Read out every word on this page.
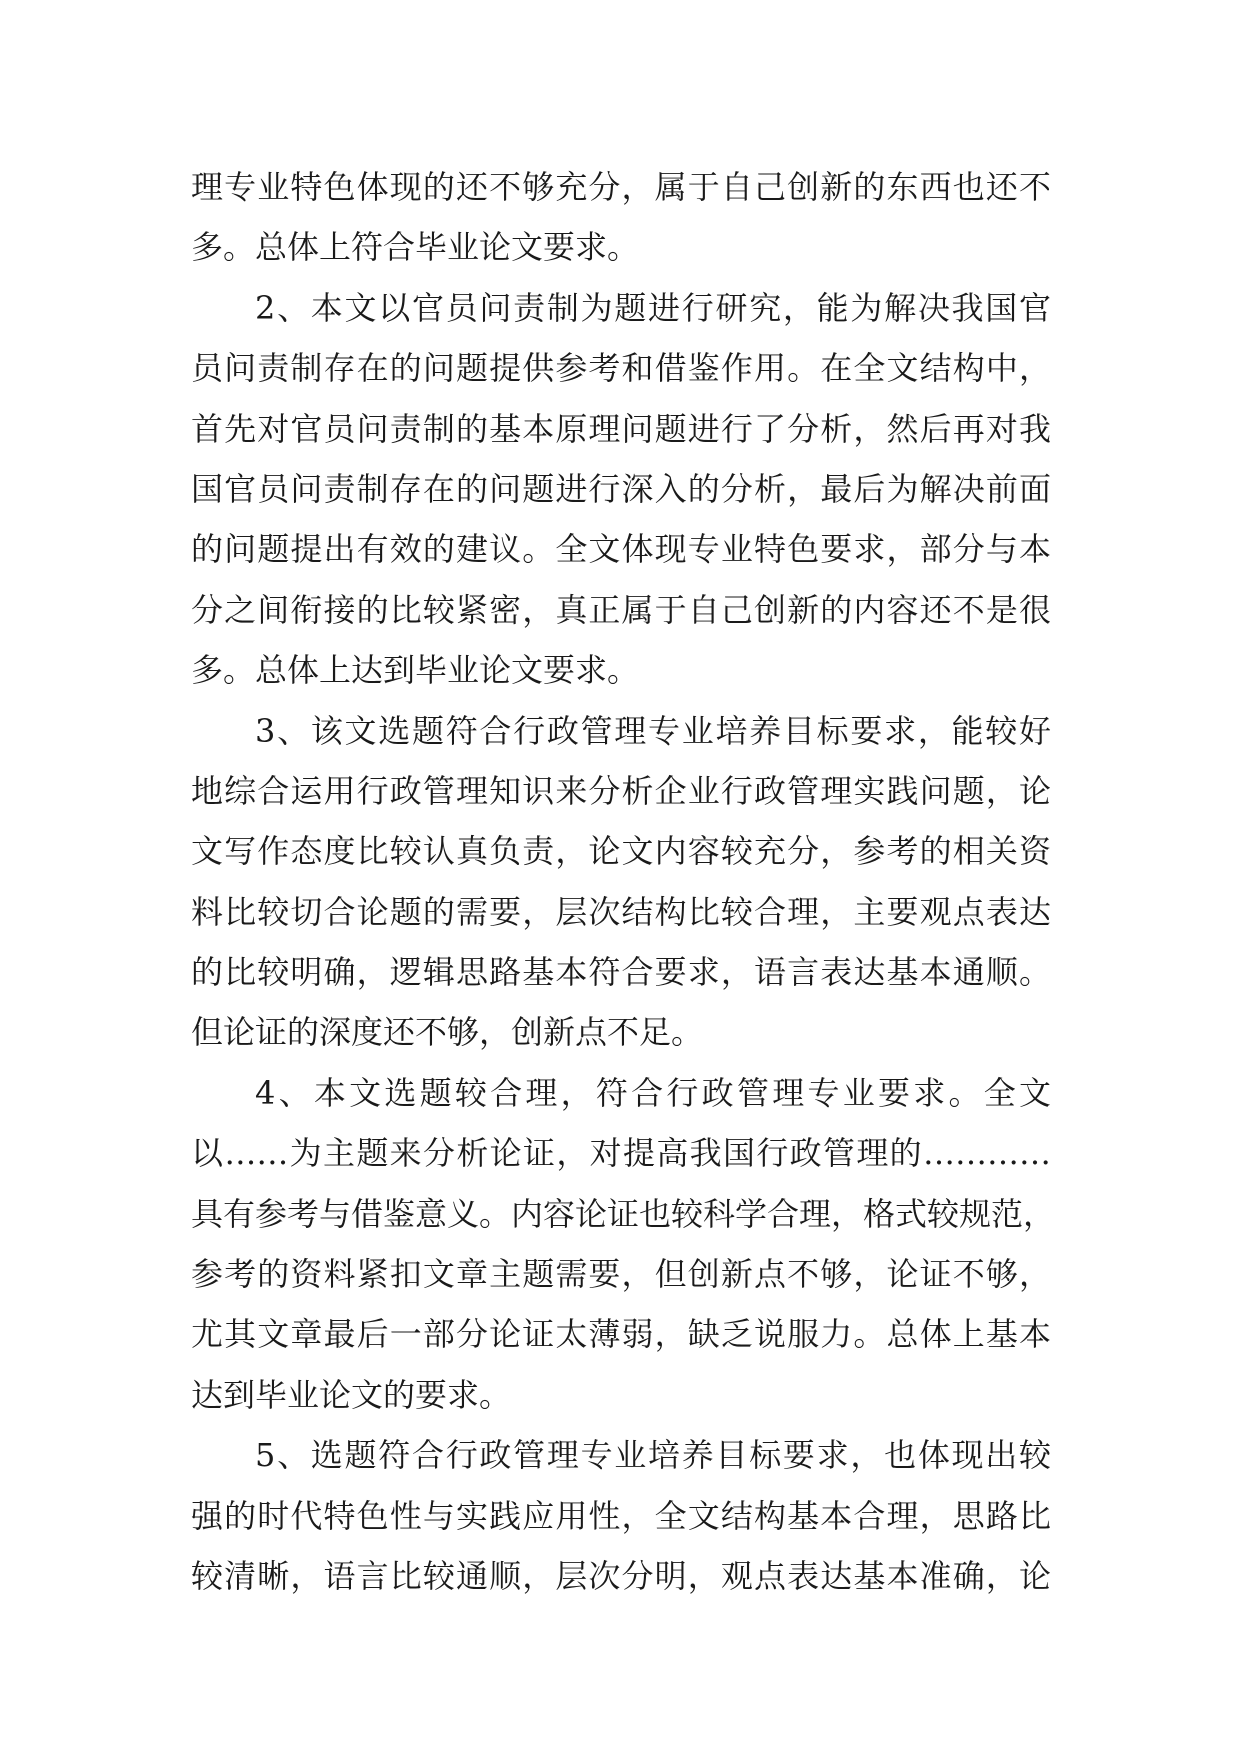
理专业特色体现的还不够充分，属于自己创新的东西也还不
多。总体上符合毕业论文要求。
2、本文以官员问责制为题进行研究，能为解决我国官
员问责制存在的问题提供参考和借鉴作用。在全文结构中，
首先对官员问责制的基本原理问题进行了分析，然后再对我
国官员问责制存在的问题进行深入的分析，最后为解决前面
的问题提出有效的建议。全文体现专业特色要求，部分与本
分之间衔接的比较紧密，真正属于自己创新的内容还不是很
多。总体上达到毕业论文要求。
3、该文选题符合行政管理专业培养目标要求，能较好
地综合运用行政管理知识来分析企业行政管理实践问题，论
文写作态度比较认真负责，论文内容较充分，参考的相关资
料比较切合论题的需要，层次结构比较合理，主要观点表达
的比较明确，逻辑思路基本符合要求，语言表达基本通顺。
但论证的深度还不够，创新点不足。
4、本文选题较合理，符合行政管理专业要求。全文
以……为主题来分析论证，对提高我国行政管理的…………
具有参考与借鉴意义。内容论证也较科学合理，格式较规范，
参考的资料紧扣文章主题需要，但创新点不够，论证不够，
尤其文章最后一部分论证太薄弱，缺乏说服力。总体上基本
达到毕业论文的要求。
5、选题符合行政管理专业培养目标要求，也体现出较
强的时代特色性与实践应用性，全文结构基本合理，思路比
较清晰，语言比较通顺，层次分明，观点表达基本准确，论
